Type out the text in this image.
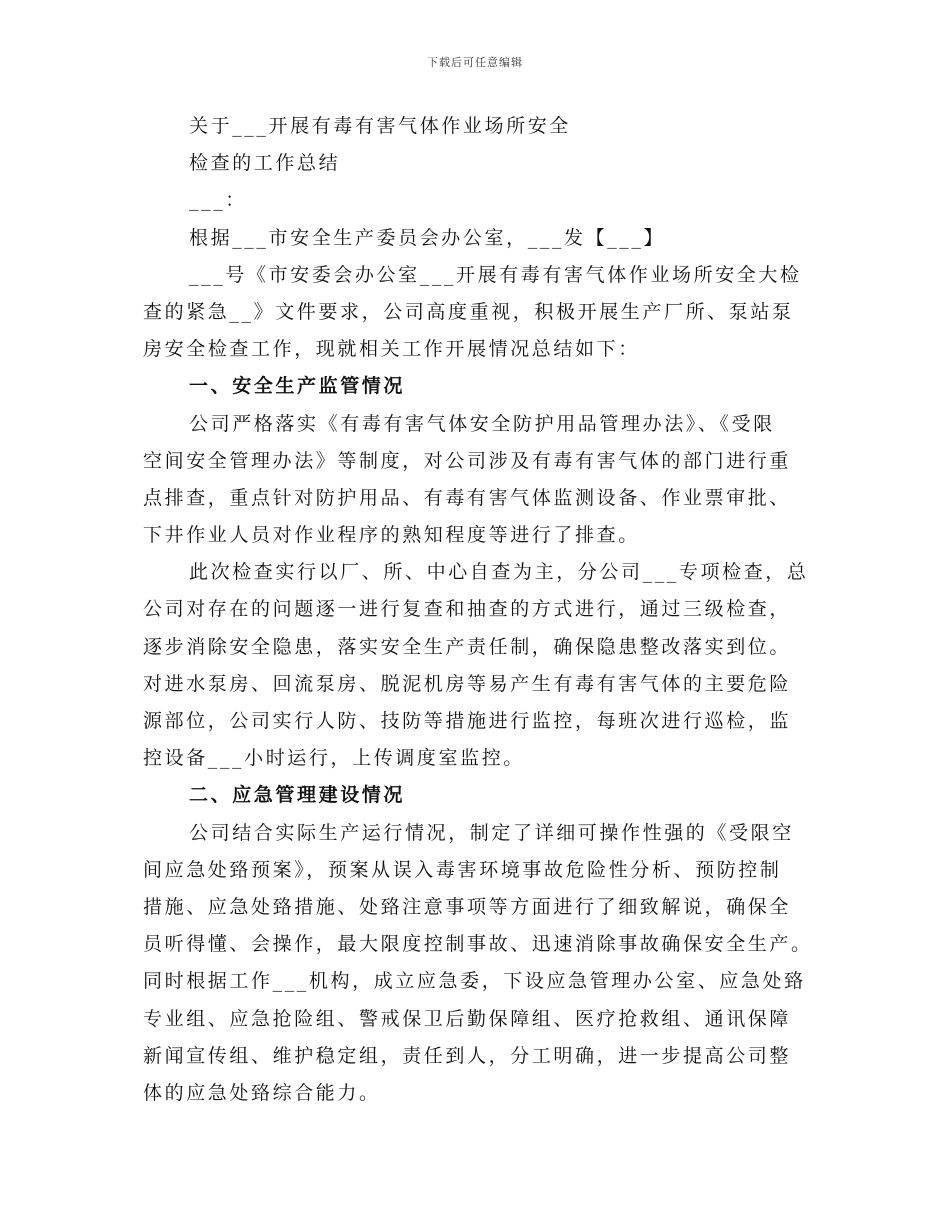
下载后可任意编辑
关于___开展有毒有害气体作业场所安全
检查的工作总结
___：
根据___市安全生产委员会办公室，___发【___】
___号《市安委会办公室___开展有毒有害气体作业场所安全大检
查的紧急__》文件要求，公司高度重视，积极开展生产厂所、泵站泵
房安全检查工作，现就相关工作开展情况总结如下：
一、安全生产监管情况
公司严格落实《有毒有害气体安全防护用品管理办法》、《受限
空间安全管理办法》等制度，对公司涉及有毒有害气体的部门进行重
点排查，重点针对防护用品、有毒有害气体监测设备、作业票审批、
下井作业人员对作业程序的熟知程度等进行了排查。
此次检查实行以厂、所、中心自查为主，分公司___专项检查，总
公司对存在的问题逐一进行复查和抽查的方式进行，通过三级检查，
逐步消除安全隐患，落实安全生产责任制，确保隐患整改落实到位。
对进水泵房、回流泵房、脱泥机房等易产生有毒有害气体的主要危险
源部位，公司实行人防、技防等措施进行监控，每班次进行巡检，监
控设备___小时运行，上传调度室监控。
二、应急管理建设情况
公司结合实际生产运行情况，制定了详细可操作性强的《受限空
间应急处臵预案》，预案从误入毒害环境事故危险性分析、预防控制
措施、应急处臵措施、处臵注意事项等方面进行了细致解说，确保全
员听得懂、会操作，最大限度控制事故、迅速消除事故确保安全生产。
同时根据工作___机构，成立应急委，下设应急管理办公室、应急处臵
专业组、应急抢险组、警戒保卫后勤保障组、医疗抢救组、通讯保障
新闻宣传组、维护稳定组，责任到人，分工明确，进一步提高公司整
体的应急处臵综合能力。
